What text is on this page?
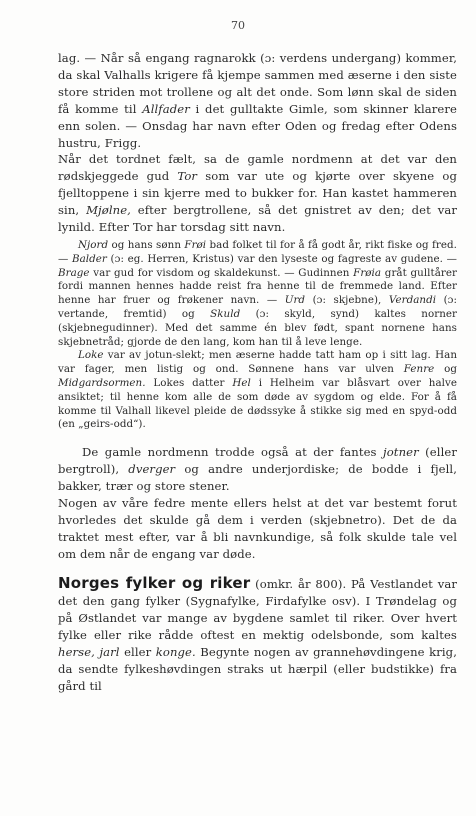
70

lag. — Når så engang ragnarokk (ɔ: verdens undergang) kommer, da skal Valhalls krigere få kjempe sammen med æserne i den siste store striden mot trollene og alt det onde. Som lønn skal de siden få komme til Allfader i det gulltakte Gimle, som skinner klarere enn solen. — Onsdag har navn efter Oden og fredag efter Odens hustru, Frigg.

Når det tordnet fælt, sa de gamle nordmenn at det var den rødskjeggede gud Tor som var ute og kjørte over skyene og fjelltoppene i sin kjerre med to bukker for. Han kastet hammeren sin, Mjølne, efter bergtrollene, så det gnistret av den; det var lynild. Efter Tor har torsdag sitt navn.

Njord og hans sønn Frøi bad folket til for å få godt år, rikt fiske og fred. — Balder (ɔ: eg. Herren, Kristus) var den lyseste og fagreste av gudene. — Brage var gud for visdom og skaldekunst. — Gudinnen Frøia gråt gulltårer fordi mannen hennes hadde reist fra henne til de fremmede land. Efter henne har fruer og frøkener navn. — Urd (ɔ: skjebne), Verdandi (ɔ: vertande, fremtid) og Skuld (ɔ: skyld, synd) kaltes norner (skjebnegudinner). Med det samme én blev født, spant nornene hans skjebnetråd; gjorde de den lang, kom han til å leve lenge.

Loke var av jotun-slekt; men æserne hadde tatt ham op i sitt lag. Han var fager, men listig og ond. Sønnene hans var ulven Fenre og Midgardsormen. Lokes datter Hel i Helheim var blåsvart over halve ansiktet; til henne kom alle de som døde av sygdom og elde. For å få komme til Valhall likevel pleide de dødssyke å stikke sig med en spyd-odd (en „geirs-odd“).

De gamle nordmenn trodde også at der fantes jotner (eller bergtroll), dverger og andre underjordiske; de bodde i fjell, bakker, trær og store stener.

Nogen av våre fedre mente ellers helst at det var bestemt forut hvorledes det skulde gå dem i verden (skjebnetro). Det de da traktet mest efter, var å bli navnkundige, så folk skulde tale vel om dem når de engang var døde.

Norges fylker og riker (omkr. år 800). På Vestlandet var det den gang fylker (Sygnafylke, Firdafylke osv). I Trøndelag og på Østlandet var mange av bygdene samlet til riker. Over hvert fylke eller rike rådde oftest en mektig odelsbonde, som kaltes herse, jarl eller konge. Begynte nogen av grannehøvdingene krig, da sendte fylkeshøvdingen straks ut hærpil (eller budstikke) fra gård til
